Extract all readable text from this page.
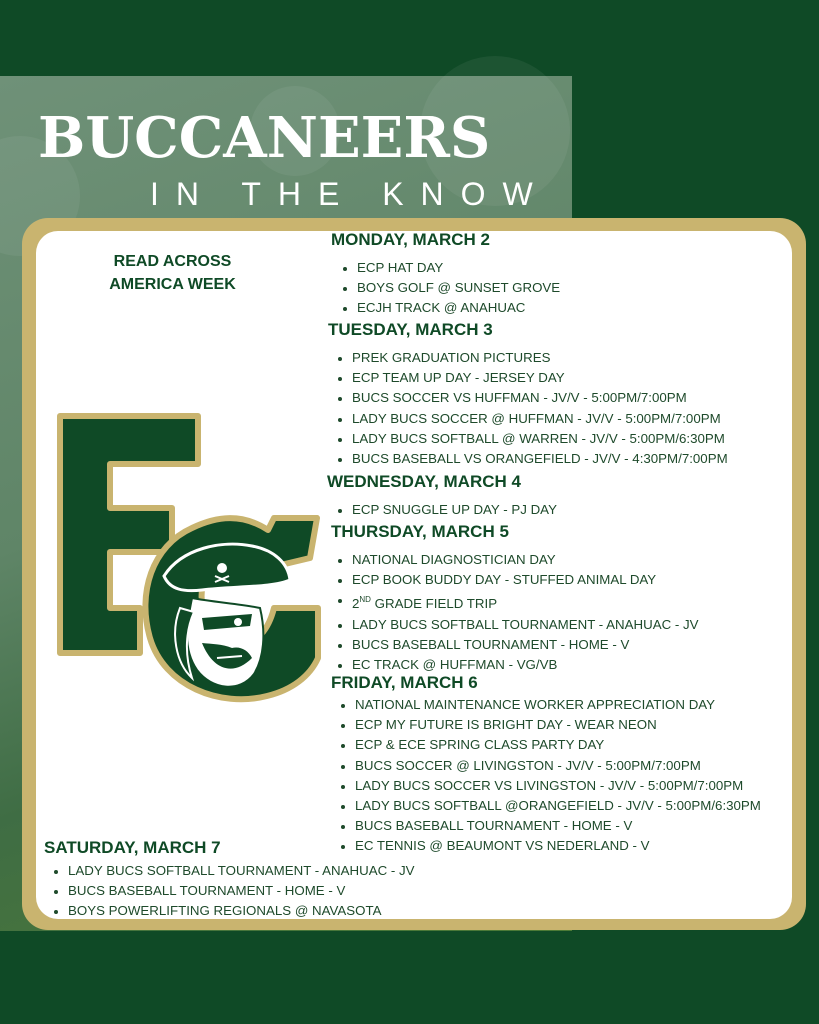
BUCCANEERS
IN THE KNOW
READ ACROSS AMERICA WEEK
MONDAY, MARCH 2
ECP HAT DAY
BOYS GOLF @ SUNSET GROVE
ECJH TRACK @ ANAHUAC
TUESDAY, MARCH 3
PREK GRADUATION PICTURES
ECP TEAM UP DAY - JERSEY DAY
BUCS SOCCER VS HUFFMAN - JV/V - 5:00PM/7:00PM
LADY BUCS SOCCER @ HUFFMAN - JV/V - 5:00PM/7:00PM
LADY BUCS SOFTBALL @ WARREN - JV/V - 5:00PM/6:30PM
BUCS BASEBALL VS ORANGEFIELD - JV/V - 4:30PM/7:00PM
WEDNESDAY, MARCH 4
ECP SNUGGLE UP DAY - PJ DAY
THURSDAY, MARCH 5
NATIONAL DIAGNOSTICIAN DAY
ECP BOOK BUDDY DAY - STUFFED ANIMAL DAY
2ND GRADE FIELD TRIP
LADY BUCS SOFTBALL TOURNAMENT - ANAHUAC - JV
BUCS BASEBALL TOURNAMENT - HOME - V
EC TRACK @ HUFFMAN - VG/VB
FRIDAY, MARCH 6
NATIONAL MAINTENANCE WORKER APPRECIATION DAY
ECP MY FUTURE IS BRIGHT DAY - WEAR NEON
ECP & ECE SPRING CLASS PARTY DAY
BUCS SOCCER @ LIVINGSTON - JV/V - 5:00PM/7:00PM
LADY BUCS SOCCER VS LIVINGSTON - JV/V - 5:00PM/7:00PM
LADY BUCS SOFTBALL @ORANGEFIELD - JV/V - 5:00PM/6:30PM
BUCS BASEBALL TOURNAMENT - HOME - V
EC TENNIS @ BEAUMONT VS NEDERLAND - V
SATURDAY, MARCH 7
LADY BUCS SOFTBALL TOURNAMENT - ANAHUAC - JV
BUCS BASEBALL TOURNAMENT - HOME - V
BOYS POWERLIFTING REGIONALS @ NAVASOTA
